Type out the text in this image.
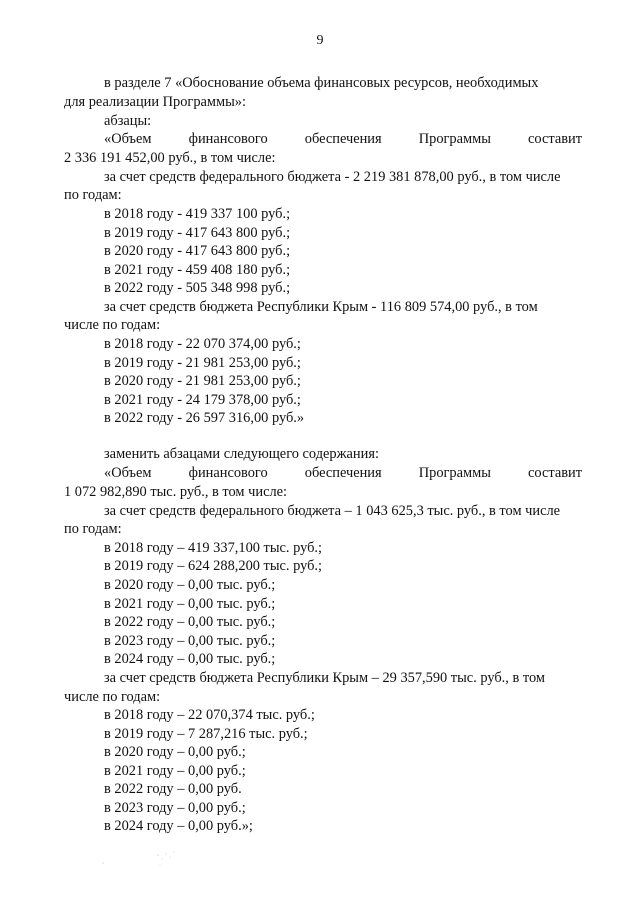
9
в разделе 7 «Обоснование объема финансовых ресурсов, необходимых
для реализации Программы»:
абзацы:
«Объем	финансового	обеспечения	Программы	составит
2 336 191 452,00 руб., в том числе:
за счет средств федерального бюджета - 2 219 381 878,00 руб., в том числе
по годам:
в 2018 году - 419 337 100 руб.;
в 2019 году - 417 643 800 руб.;
в 2020 году - 417 643 800 руб.;
в 2021 году - 459 408 180 руб.;
в 2022 году - 505 348 998 руб.;
за счет средств бюджета Республики Крым - 116 809 574,00 руб., в том
числе по годам:
в 2018 году - 22 070 374,00 руб.;
в 2019 году - 21 981 253,00 руб.;
в 2020 году - 21 981 253,00 руб.;
в 2021 году - 24 179 378,00 руб.;
в 2022 году - 26 597 316,00 руб.»
заменить абзацами следующего содержания:
«Объем	финансового	обеспечения	Программы	составит
1 072 982,890 тыс. руб., в том числе:
за счет средств федерального бюджета – 1 043 625,3 тыс. руб., в том числе
по годам:
в 2018 году – 419 337,100 тыс. руб.;
в 2019 году – 624 288,200 тыс. руб.;
в 2020 году – 0,00 тыс. руб.;
в 2021 году – 0,00 тыс. руб.;
в 2022 году – 0,00 тыс. руб.;
в 2023 году – 0,00 тыс. руб.;
в 2024 году – 0,00 тыс. руб.;
за счет средств бюджета Республики Крым – 29 357,590 тыс. руб., в том
числе по годам:
в 2018 году – 22 070,374 тыс. руб.;
в 2019 году – 7 287,216 тыс. руб.;
в 2020 году – 0,00 руб.;
в 2021 году – 0,00 руб.;
в 2022 году – 0,00 руб.
в 2023 году – 0,00 руб.;
в 2024 году – 0,00 руб.»;
